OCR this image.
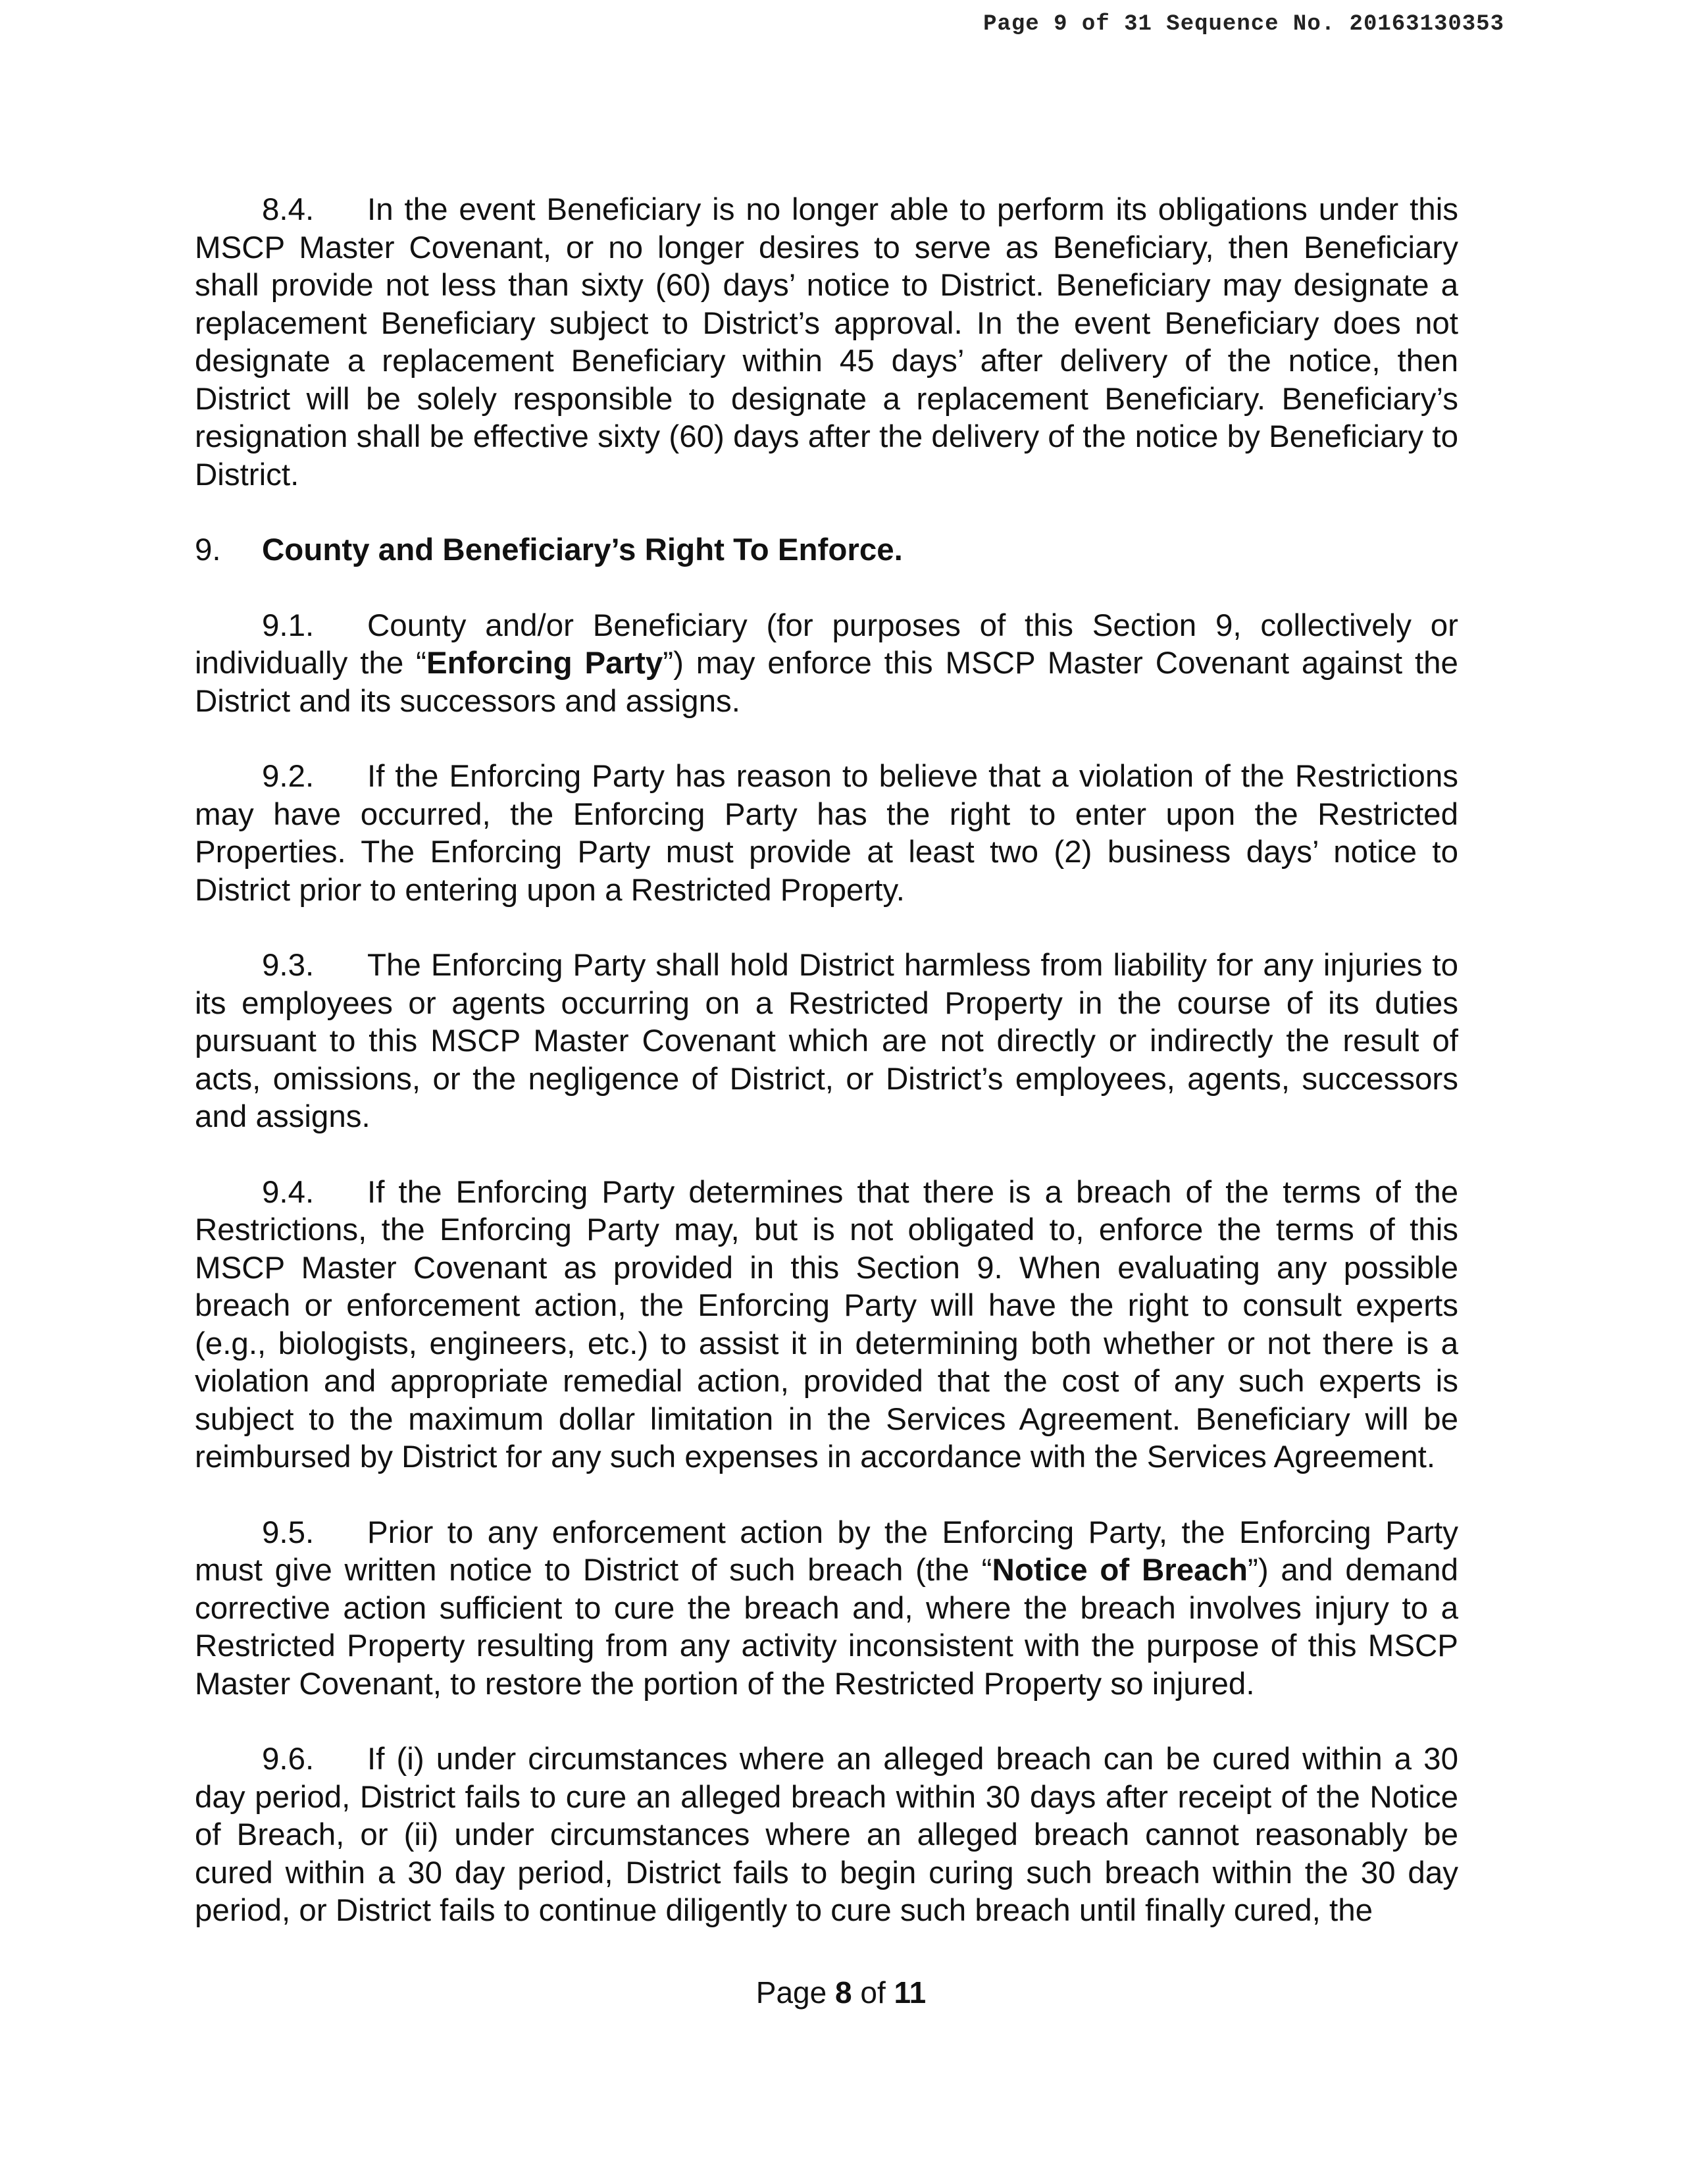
Page 9 of 31 Sequence No. 20163130353

8.4. In the event Beneficiary is no longer able to perform its obligations under this MSCP Master Covenant, or no longer desires to serve as Beneficiary, then Beneficiary shall provide not less than sixty (60) days’ notice to District. Beneficiary may designate a replacement Beneficiary subject to District’s approval. In the event Beneficiary does not designate a replacement Beneficiary within 45 days’ after delivery of the notice, then District will be solely responsible to designate a replacement Beneficiary. Beneficiary’s resignation shall be effective sixty (60) days after the delivery of the notice by Beneficiary to District.

9. County and Beneficiary’s Right To Enforce.

9.1. County and/or Beneficiary (for purposes of this Section 9, collectively or individually the “Enforcing Party”) may enforce this MSCP Master Covenant against the District and its successors and assigns.

9.2. If the Enforcing Party has reason to believe that a violation of the Restrictions may have occurred, the Enforcing Party has the right to enter upon the Restricted Properties. The Enforcing Party must provide at least two (2) business days’ notice to District prior to entering upon a Restricted Property.

9.3. The Enforcing Party shall hold District harmless from liability for any injuries to its employees or agents occurring on a Restricted Property in the course of its duties pursuant to this MSCP Master Covenant which are not directly or indirectly the result of acts, omissions, or the negligence of District, or District’s employees, agents, successors and assigns.

9.4. If the Enforcing Party determines that there is a breach of the terms of the Restrictions, the Enforcing Party may, but is not obligated to, enforce the terms of this MSCP Master Covenant as provided in this Section 9. When evaluating any possible breach or enforcement action, the Enforcing Party will have the right to consult experts (e.g., biologists, engineers, etc.) to assist it in determining both whether or not there is a violation and appropriate remedial action, provided that the cost of any such experts is subject to the maximum dollar limitation in the Services Agreement. Beneficiary will be reimbursed by District for any such expenses in accordance with the Services Agreement.

9.5. Prior to any enforcement action by the Enforcing Party, the Enforcing Party must give written notice to District of such breach (the “Notice of Breach”) and demand corrective action sufficient to cure the breach and, where the breach involves injury to a Restricted Property resulting from any activity inconsistent with the purpose of this MSCP Master Covenant, to restore the portion of the Restricted Property so injured.

9.6. If (i) under circumstances where an alleged breach can be cured within a 30 day period, District fails to cure an alleged breach within 30 days after receipt of the Notice of Breach, or (ii) under circumstances where an alleged breach cannot reasonably be cured within a 30 day period, District fails to begin curing such breach within the 30 day period, or District fails to continue diligently to cure such breach until finally cured, the

Page 8 of 11
